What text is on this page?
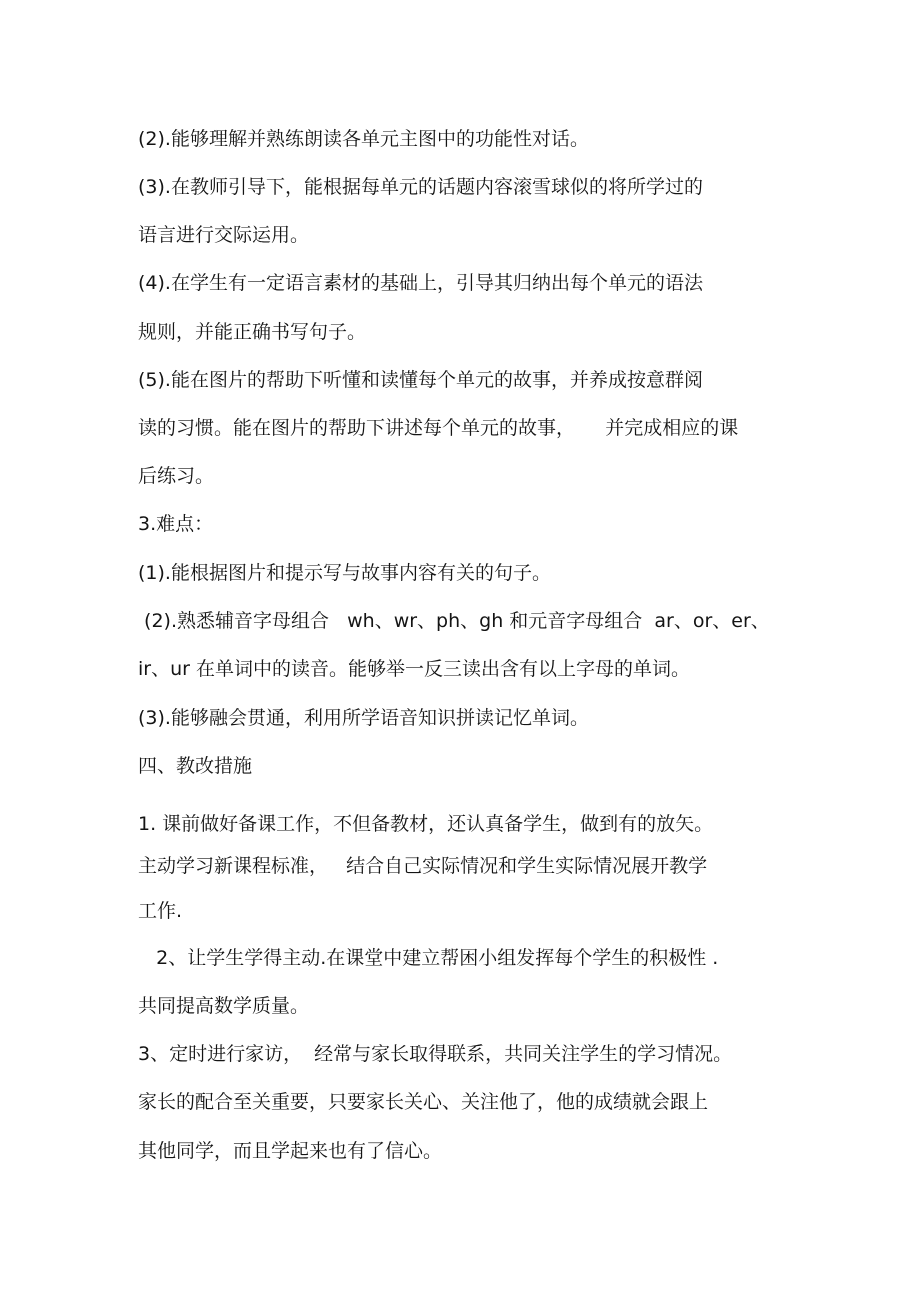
(2).能够理解并熟练朗读各单元主图中的功能性对话。

(3).在教师引导下，能根据每单元的话题内容滚雪球似的将所学过的

语言进行交际运用。

(4).在学生有一定语言素材的基础上，引导其归纳出每个单元的语法

规则，并能正确书写句子。

(5).能在图片的帮助下听懂和读懂每个单元的故事，并养成按意群阅

读的习惯。能在图片的帮助下讲述每个单元的故事，     并完成相应的课

后练习。

3.难点：

(1).能根据图片和提示写与故事内容有关的句子。

(2).熟悉辅音字母组合   wh、wr、ph、gh 和元音字母组合  ar、or、er、

ir、ur 在单词中的读音。能够举一反三读出含有以上字母的单词。

(3).能够融会贯通，利用所学语音知识拼读记忆单词。

四、教改措施

1. 课前做好备课工作，不但备教材，还认真备学生，做到有的放矢。

主动学习新课程标准，   结合自己实际情况和学生实际情况展开教学

工作.

2、让学生学得主动.在课堂中建立帮困小组发挥每个学生的积极性 .

共同提高数学质量。

3、定时进行家访，  经常与家长取得联系，共同关注学生的学习情况。

家长的配合至关重要，只要家长关心、关注他了，他的成绩就会跟上

其他同学，而且学起来也有了信心。
